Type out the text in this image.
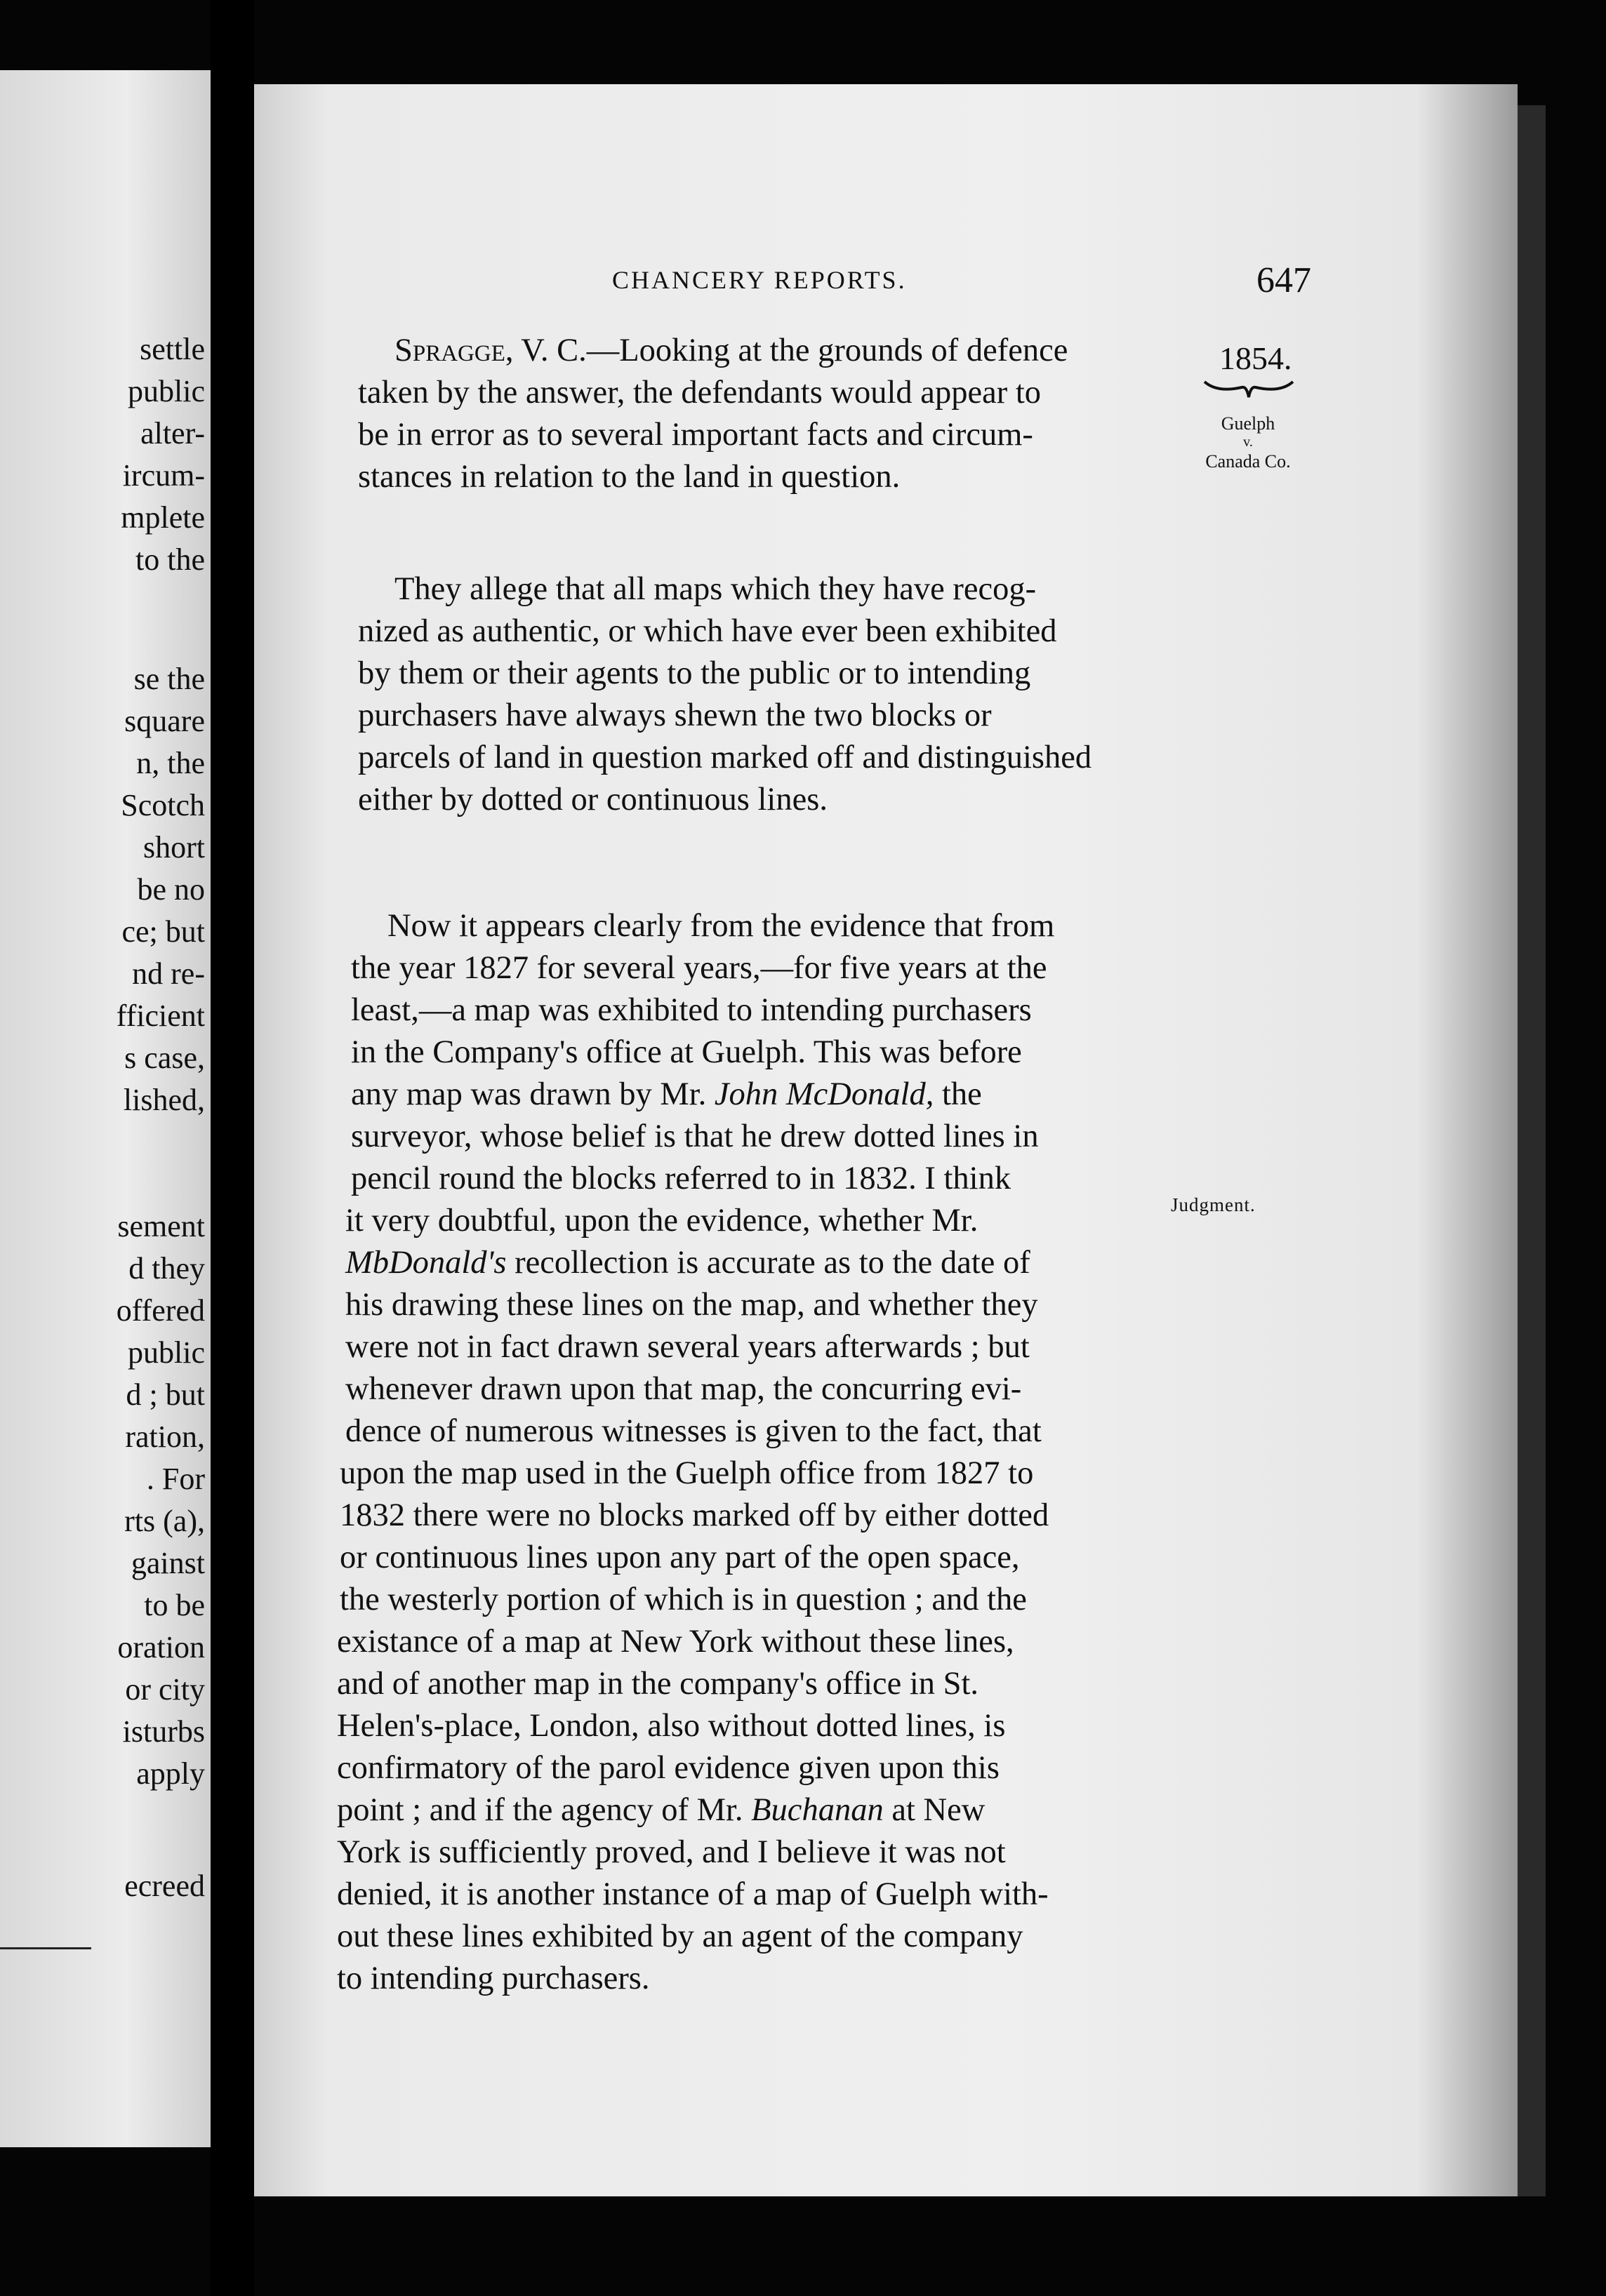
settle
public
alter-
ircum-
mplete
to the
se the
square
n, the
Scotch
short
be no
ce; but
nd re-
fficient
s case,
lished,
sement
d they
offered
public
d ; but
ration,
. For
rts (a),
gainst
to be
oration
or city
isturbs
apply
ecreed
CHANCERY REPORTS.	647
1854.
Guelph
v.
Canada Co.
Judgment.
Spragge, V. C.—Looking at the grounds of defence
taken by the answer, the defendants would appear to
be in error as to several important facts and circum-
stances in relation to the land in question.
They allege that all maps which they have recog-
nized as authentic, or which have ever been exhibited
by them or their agents to the public or to intending
purchasers have always shewn the two blocks or
parcels of land in question marked off and distinguished
either by dotted or continuous lines.
Now it appears clearly from the evidence that from
the year 1827 for several years,—for five years at the
least,—a map was exhibited to intending purchasers
in the Company's office at Guelph. This was before
any map was drawn by Mr. John McDonald, the
surveyor, whose belief is that he drew dotted lines in
pencil round the blocks referred to in 1832. I think
it very doubtful, upon the evidence, whether Mr.
MbDonald's recollection is accurate as to the date of
his drawing these lines on the map, and whether they
were not in fact drawn several years afterwards ; but
whenever drawn upon that map, the concurring evi-
dence of numerous witnesses is given to the fact, that
upon the map used in the Guelph office from 1827 to
1832 there were no blocks marked off by either dotted
or continuous lines upon any part of the open space,
the westerly portion of which is in question ; and the
existance of a map at New York without these lines,
and of another map in the company's office in St.
Helen's-place, London, also without dotted lines, is
confirmatory of the parol evidence given upon this
point ; and if the agency of Mr. Buchanan at New
York is sufficiently proved, and I believe it was not
denied, it is another instance of a map of Guelph with-
out these lines exhibited by an agent of the company
to intending purchasers.
